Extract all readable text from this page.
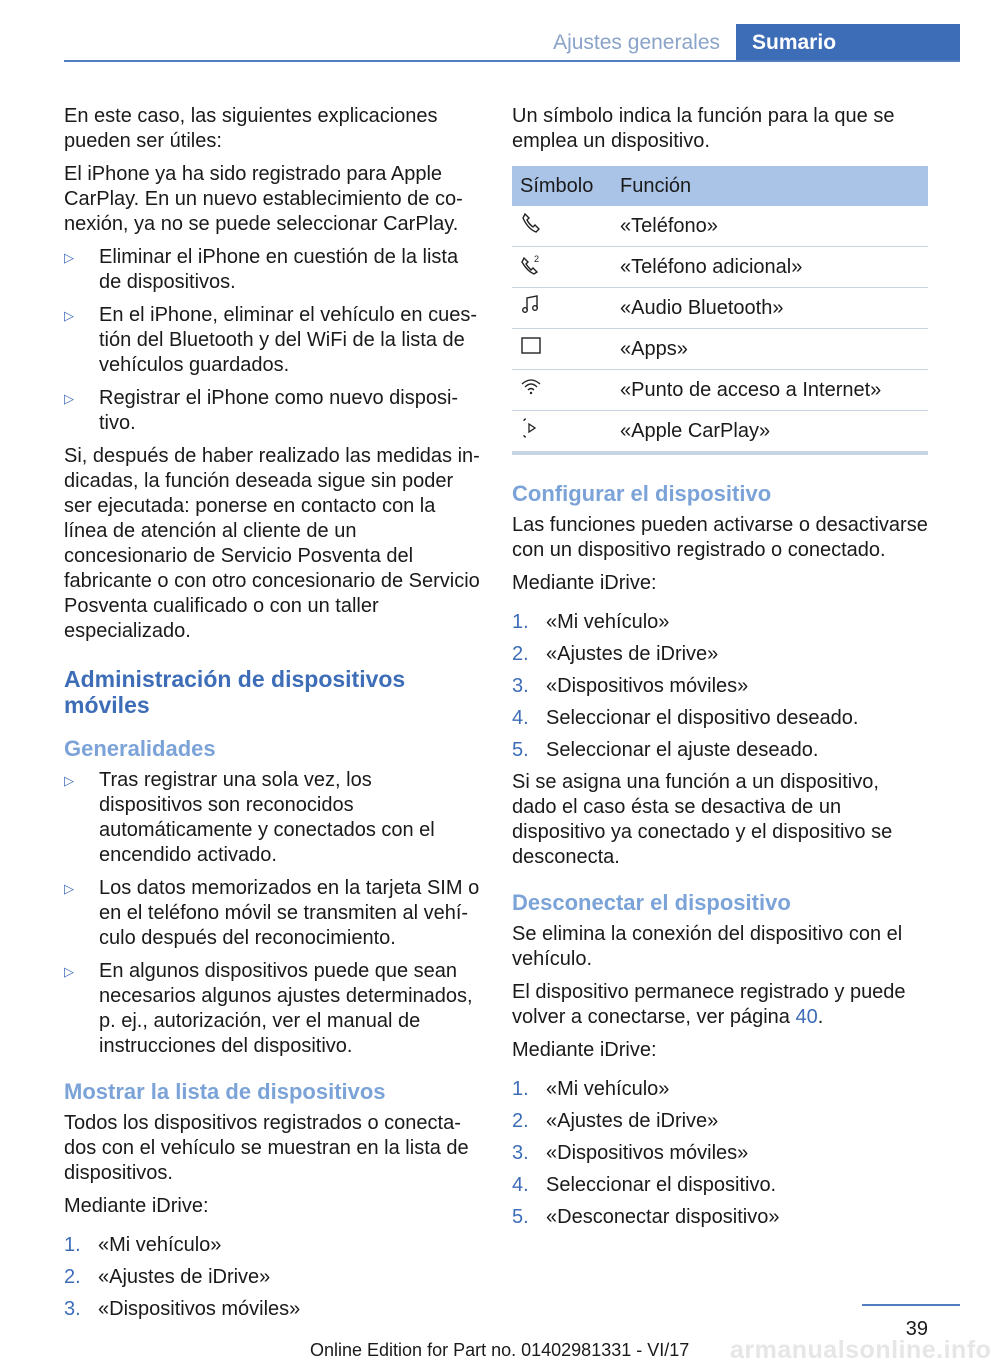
Ajustes generales	Sumario

En este caso, las siguientes explicaciones pueden ser útiles:

El iPhone ya ha sido registrado para Apple CarPlay. En un nuevo establecimiento de conexión, ya no se puede seleccionar CarPlay.

▷ Eliminar el iPhone en cuestión de la lista de dispositivos.
▷ En el iPhone, eliminar el vehículo en cuestión del Bluetooth y del WiFi de la lista de vehículos guardados.
▷ Registrar el iPhone como nuevo dispositivo.

Si, después de haber realizado las medidas indicadas, la función deseada sigue sin poder ser ejecutada: ponerse en contacto con la línea de atención al cliente de un concesionario de Servicio Posventa del fabricante o con otro concesionario de Servicio Posventa cualificado o con un taller especializado.

Administración de dispositivos móviles
Generalidades
▷ Tras registrar una sola vez, los dispositivos son reconocidos automáticamente y conectados con el encendido activado.
▷ Los datos memorizados en la tarjeta SIM o en el teléfono móvil se transmiten al vehículo después del reconocimiento.
▷ En algunos dispositivos puede que sean necesarios algunos ajustes determinados, p. ej., autorización, ver el manual de instrucciones del dispositivo.
Mostrar la lista de dispositivos

Todos los dispositivos registrados o conectados con el vehículo se muestran en la lista de dispositivos.

Mediante iDrive:

1. «Mi vehículo»
2. «Ajustes de iDrive»
3. «Dispositivos móviles»

Un símbolo indica la función para la que se emplea un dispositivo.

Símbolo	Función
	«Teléfono»

2	«Teléfono adicional»
	«Audio Bluetooth»
	«Apps»
	«Punto de acceso a Internet»
	«Apple CarPlay»
Configurar el dispositivo

Las funciones pueden activarse o desactivarse con un dispositivo registrado o conectado.

Mediante iDrive:

1. «Mi vehículo»
2. «Ajustes de iDrive»
3. «Dispositivos móviles»
4. Seleccionar el dispositivo deseado.
5. Seleccionar el ajuste deseado.

Si se asigna una función a un dispositivo, dado el caso ésta se desactiva de un dispositivo ya conectado y el dispositivo se desconecta.

Desconectar el dispositivo

Se elimina la conexión del dispositivo con el vehículo.

El dispositivo permanece registrado y puede volver a conectarse, ver página 40.

Mediante iDrive:

1. «Mi vehículo»
2. «Ajustes de iDrive»
3. «Dispositivos móviles»
4. Seleccionar el dispositivo.
5. «Desconectar dispositivo»
39
armanualsonline.info
Online Edition for Part no. 01402981331 - VI/17
